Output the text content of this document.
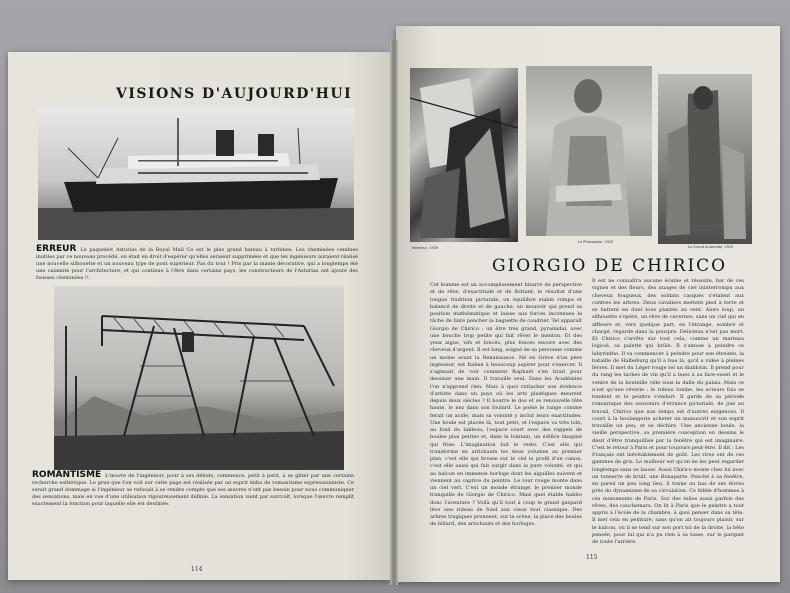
VISIONS D'AUJOURD'HUI
ERREUR Le paquebot Asturias de la Royal Mail Co est le plus grand bateau à turbines. Les cheminées cendues inutiles par ce nouveau procédé, on était en droit d'espérer qu'elles seraient supprimées et que les ingénieurs auraient réalisé une nouvelle silhouette et un nouveau type de pont supérieur. Pas du tout ! Pris par la manie décorative, qui a longtemps été une calamité pour l'architecture, et qui continue à l'être dans certains pays, les constructeurs de l'Asturias ont ajouté des fausses cheminées !!
ROMANTISME L'œuvre de l'ingénieur, pour à ses débuts, commence, petit à petit, à se gâter par une certaine recherche esthétique. Le grue que l'on voit sur cette page est réalisée par un esprit imbu de romantisme expressionniste. Ce serait grand dommage si l'ingénieur se refusait à se rendre compte que ses œuvres n'ont pas besoin pour nous communiquer des sensations, mais en vue d'une utilisation rigoureusement définie. La sensation vient par surcroît, lorsque l'œuvre remplit exactement la fonction pour laquelle elle est destinée.
114
Intérieur, 1926
Le Philosophe, 1925
Le Grand Automate, 1925
GIORGIO DE CHIRICO

Cet homme est un accomplissement bizarre de perspective et de rêve, d'exactitude et de flottant; le résultat d'une longue tradition picturale, un équilibre stable rompu et balancé de droite et de gauche; un mouvoir qui prend sa position mathématique et laisse aux forces inconnues la tâche de faire pencher la baguette de coudrier. Tel apparaît Giorgio de Chirico : un être très grand, pyramidal, avec une bouche trop petite qui fait rêver le menton. Et des yeux aigus, vifs et foncés, plus foncés encore avec des cheveux d'argent. Il est long, soigné de sa personne comme un moine avant la Renaissance. Né en Grèce d'un père ingénieur, est Italien à beaucoup aspirer pour s'exercer. Il s'agissait de voir comment Raphaël s'en tirait pour dessiner une main. Il travaille seul. Dans les Académies l'on n'apprend rien. Mais à quoi rattacher son évidence d'artiste dans un pays où les arts plastiques meurent depuis deux siècles ? Il bourre le dos et se renouvelle tête haute, le nez dans son foulard. Le poète le range comme ferait un acide, mais sa volonté y inclut leurs exactitudes. Une boule est placée là, tout petit, et l'espace va très loin, au fond du tableau, l'espace court avec des rappels de boules plus petites et, dans le lointain, un édifice imaginé qui frise. L'imagination fait le reste. C'est elle qui transforme en artichauts les deux volumes au premier plan, c'est elle qui brosse sur le ciel le profil d'un canon, c'est elle aussi qui fait surgir dans la pure volonté, et qui au balcon en immense horloge dont les aiguilles suivent et viennent au caprice du peintre. Le tour rouge monte dans un ciel vert. C'est un monde étrange, le premier monde tranquille de Giorgio de Chirico. Mais quel étable habite donc l'aventure ? Voilà qu'il tout à coup le grand gaspard lève une rideau de fond aux cieux tout classique. Des arbres tragiques prennent, sur la scène, la place des boules de billard, des artichauts et des horloges.

Il est ne connaîtra aucune écume et réussite, bar de ces vignes et des fleurs, des nuages de ciel ininterrompu aux cheveux fougueux, des soldats casqués s'étalent aux contres les arbres. Deux cavaliers mettent pied à terre et se battent en duel tous plantés au vent. Alors loup, un silhouette s'opère, un rêve de cavernes, sans un ciel qui en affleure et, vers quelque part, en l'étrange, sombre et chargé, regarde dans la pourpre. Délicieux n'est pas mort. Et Chirico s'arrête sur tout cela, comme un marteau logicel, sa palette qui brûle. Il s'amuse à peindre ce labyrinthe. Il va commencer à peindre pour son étreinte, la bataille de Halbeburg qu'il a bue là, qu'il a vidée à pleines lèvres. Il met du Léger rouge tel un diablotin. Il prend pour du rang les taches de vin qu'il a bues à sa face-ouest et le ventre de la bouteille vide sous la dalle du palais. Mais ce n'est qu'une réverie : le rideau tombe, les acteurs fuis se tendent et le peintre s'endort. Il garde de sa période romantique des souvenirs d'errance pictoriale, de joie au travail, Chirico que son temps est d'autres exigences. Il court à la boulangerie acheter un manuscrit et son esprit travaille un peu, et se déchire. Une ancienne boule, la vieille perspective, sa première conception en dessins le désir d'être tranquillisé par la fenêtre qui est imaginaire. C'est le retour à Paris et pour toujours peut-être. Il dit : Les Français ont inévitablement de goût. Les rires ont de ces gammes de gris. Le malheur est qu'on ne les peut regarder longtemps sans se lasser. Aussi Chirico monte chez lui avec un tonnerre de bruit, une Bonaparte. Penché à sa fenêtre, en pareil un peu long lieu, il tonne au bas de ses lèvres près du dynamisme de sa circulation. Ce fidèle d'hommes à ces monuments de Paris. Sur des toiles aussi parfois des rêves, des cauchemars. On lit à Paris que le peintre a tout appris à l'école de la chambre, à quoi penser dans sa tête. Il met cela en peinture, sans qu'on ait toujours plaisir, sur le balcon, où il se tend sur son port toi de la droite, la bête pensée, pour lui qui n'a pu rien à sa tasse, sur le parquet de toute l'arrière.

115
